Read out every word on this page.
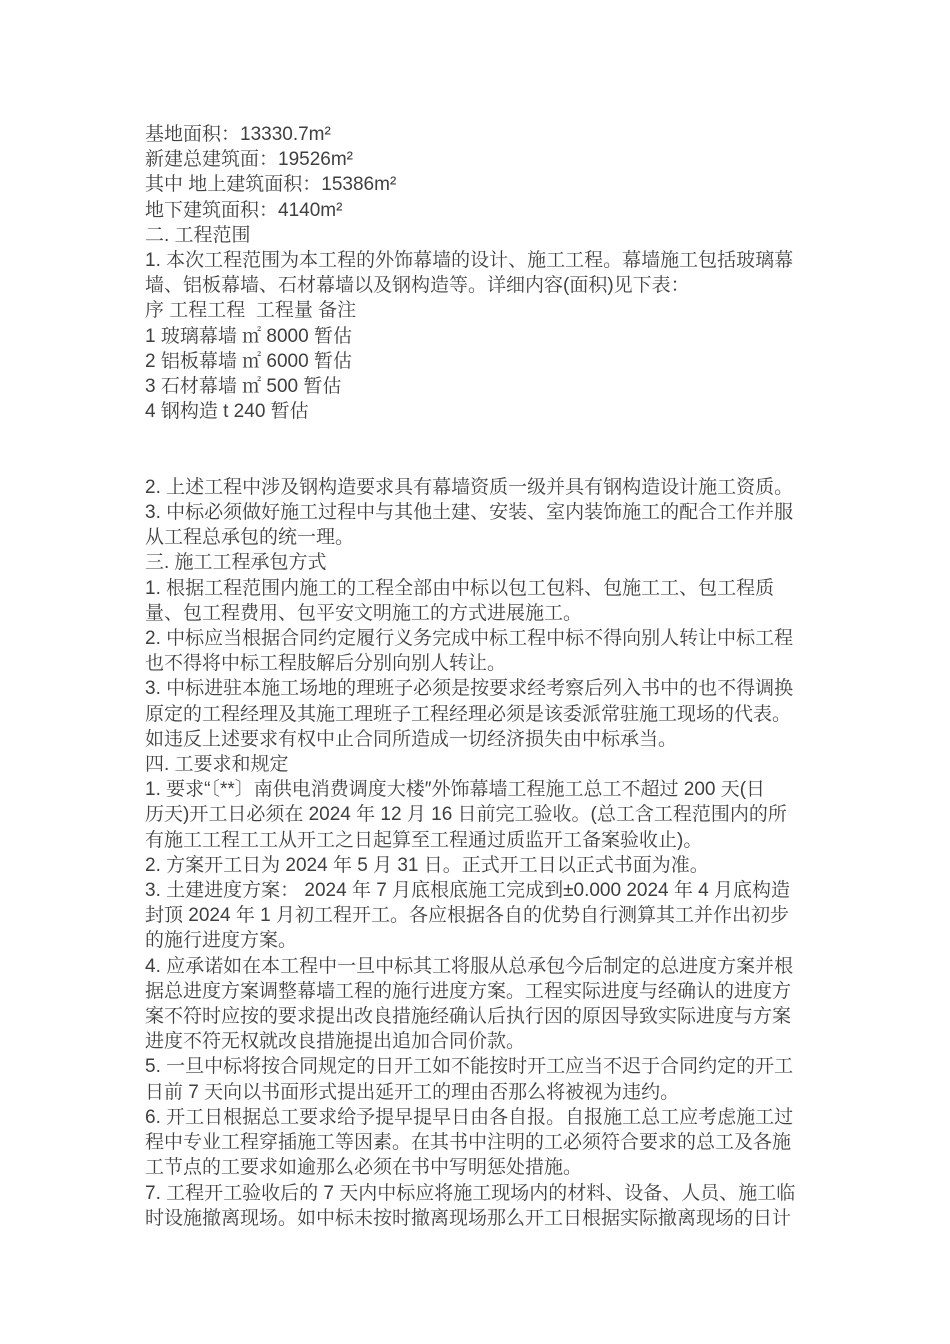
基地面积：13330.7m²
新建总建筑面：19526m²
其中 地上建筑面积：15386m²
地下建筑面积：4140m²
二. 工程范围
1. 本次工程范围为本工程的外饰幕墙的设计、施工工程。幕墙施工包括玻璃幕
墙、铝板幕墙、石材幕墙以及钢构造等。详细内容(面积)见下表：
序 工程工程  工程量 备注
1 玻璃幕墙 ㎡ 8000 暂估
2 铝板幕墙 ㎡ 6000 暂估
3 石材幕墙 ㎡ 500 暂估
4 钢构造 t 240 暂估
2. 上述工程中涉及钢构造要求具有幕墙资质一级并具有钢构造设计施工资质。
3. 中标必须做好施工过程中与其他土建、安装、室内装饰施工的配合工作并服
从工程总承包的统一理。
三. 施工工程承包方式
1. 根据工程范围内施工的工程全部由中标以包工包料、包施工工、包工程质
量、包工程费用、包平安文明施工的方式进展施工。
2. 中标应当根据合同约定履行义务完成中标工程中标不得向别人转让中标工程
也不得将中标工程肢解后分别向别人转让。
3. 中标进驻本施工场地的理班子必须是按要求经考察后列入书中的也不得调换
原定的工程经理及其施工理班子工程经理必须是该委派常驻施工现场的代表。
如违反上述要求有权中止合同所造成一切经济损失由中标承当。
四. 工要求和规定
1. 要求“〔**〕南供电消费调度大楼″外饰幕墙工程施工总工不超过 200 天(日
历天)开工日必须在 2024 年 12 月 16 日前完工验收。(总工含工程范围内的所
有施工工程工工从开工之日起算至工程通过质监开工备案验收止)。
2. 方案开工日为 2024 年 5 月 31 日。正式开工日以正式书面为准。
3. 土建进度方案： 2024 年 7 月底根底施工完成到±0.000 2024 年 4 月底构造
封顶 2024 年 1 月初工程开工。各应根据各自的优势自行测算其工并作出初步
的施行进度方案。
4. 应承诺如在本工程中一旦中标其工将服从总承包今后制定的总进度方案并根
据总进度方案调整幕墙工程的施行进度方案。工程实际进度与经确认的进度方
案不符时应按的要求提出改良措施经确认后执行因的原因导致实际进度与方案
进度不符无权就改良措施提出追加合同价款。
5. 一旦中标将按合同规定的日开工如不能按时开工应当不迟于合同约定的开工
日前 7 天向以书面形式提出延开工的理由否那么将被视为违约。
6. 开工日根据总工要求给予提早提早日由各自报。自报施工总工应考虑施工过
程中专业工程穿插施工等因素。在其书中注明的工必须符合要求的总工及各施
工节点的工要求如逾那么必须在书中写明惩处措施。
7. 工程开工验收后的 7 天内中标应将施工现场内的材料、设备、人员、施工临
时设施撤离现场。如中标未按时撤离现场那么开工日根据实际撤离现场的日计
